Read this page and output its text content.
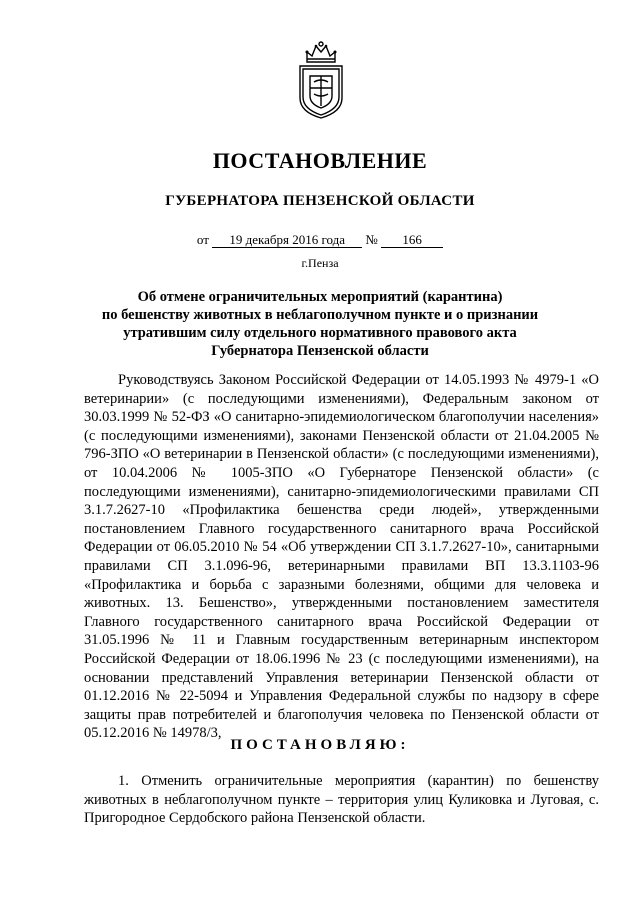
ПОСТАНОВЛЕНИЕ
ГУБЕРНАТОРА ПЕНЗЕНСКОЙ ОБЛАСТИ
от 19 декабря 2016 года № 166
г.Пенза
Об отмене ограничительных мероприятий (карантина)
по бешенству животных в неблагополучном пункте и о признании
утратившим силу отдельного нормативного правового акта
Губернатора Пензенской области

Руководствуясь Законом Российской Федерации от 14.05.1993 № 4979-1 «О ветеринарии» (с последующими изменениями), Федеральным законом от 30.03.1999 № 52-ФЗ «О санитарно-эпидемиологическом благополучии населения» (с последующими изменениями), законами Пензенской области от 21.04.2005 № 796-ЗПО «О ветеринарии в Пензенской области» (с последующими изменениями), от 10.04.2006 № 1005-ЗПО «О Губернаторе Пензенской области» (с последующими изменениями), санитарно-эпидемиологическими правилами СП 3.1.7.2627-10 «Профилактика бешенства среди людей», утвержденными постановлением Главного государственного санитарного врача Российской Федерации от 06.05.2010 № 54 «Об утверждении СП 3.1.7.2627-10», санитарными правилами СП 3.1.096-96, ветеринарными правилами ВП 13.3.1103-96 «Профилактика и борьба с заразными болезнями, общими для человека и животных. 13. Бешенство», утвержденными постановлением заместителя Главного государственного санитарного врача Российской Федерации от 31.05.1996 № 11 и Главным государственным ветеринарным инспектором Российской Федерации от 18.06.1996 № 23 (с последующими изменениями), на основании представлений Управления ветеринарии Пензенской области от 01.12.2016 № 22-5094 и Управления Федеральной службы по надзору в сфере защиты прав потребителей и благополучия человека по Пензенской области от 05.12.2016 № 14978/3,

ПОСТАНОВЛЯЮ:

1. Отменить ограничительные мероприятия (карантин) по бешенству животных в неблагополучном пункте – территория улиц Куликовка и Луговая, с. Пригородное Сердобского района Пензенской области.
